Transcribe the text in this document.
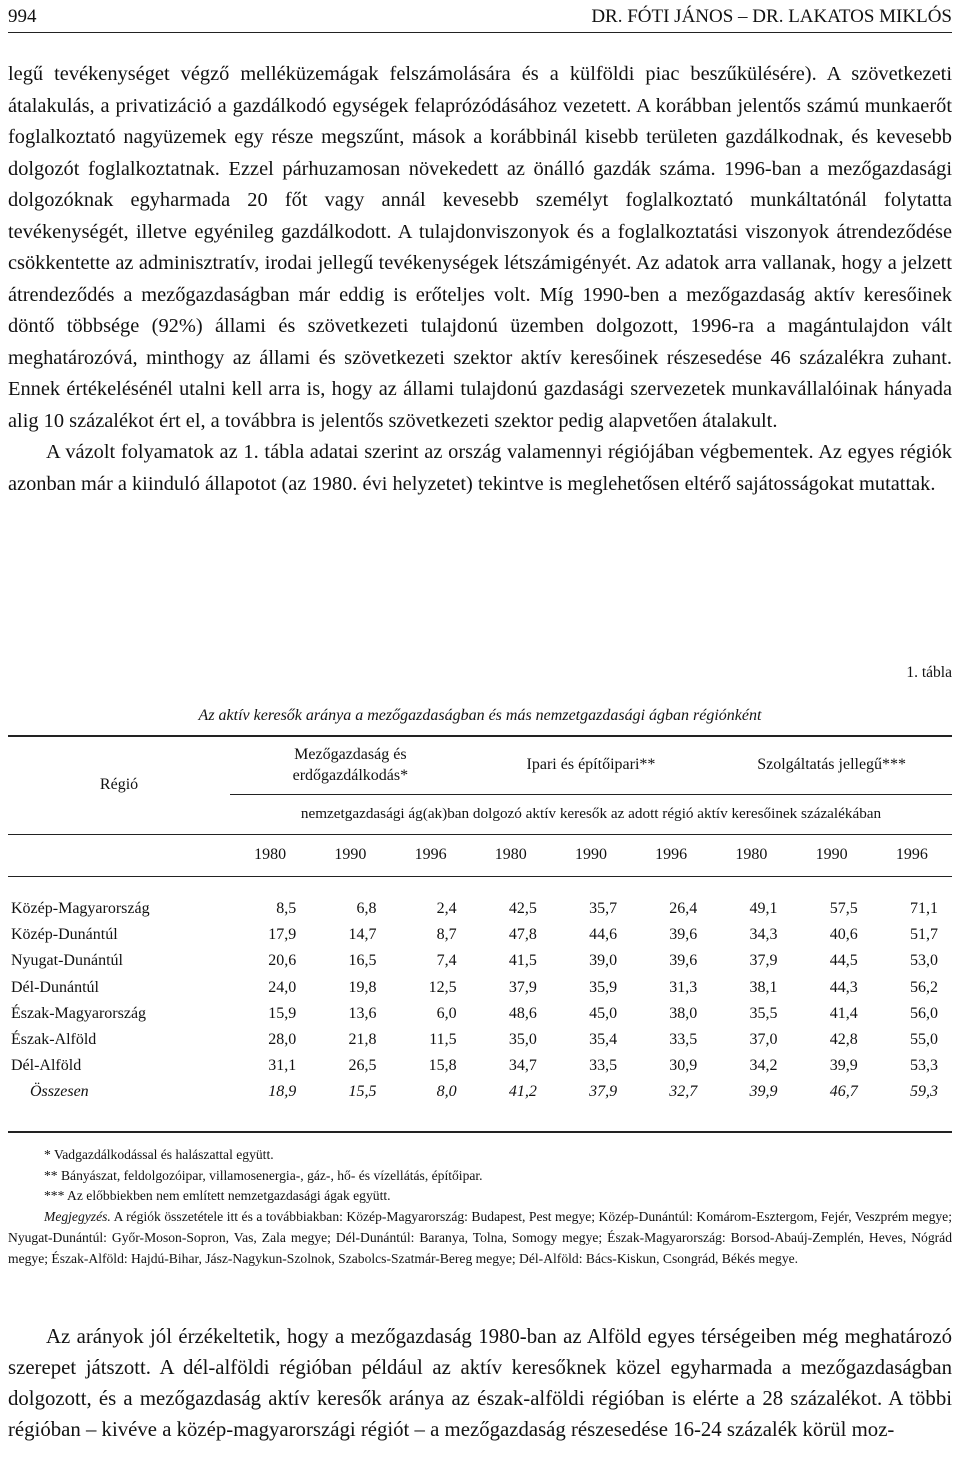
994	DR. FÓTI JÁNOS – DR. LAKATOS MIKLÓS

legű tevékenységet végző melléküzemágak felszámolására és a külföldi piac beszűkülésére). A szövetkezeti átalakulás, a privatizáció a gazdálkodó egységek felaprózódásához vezetett. A korábban jelentős számú munkaerőt foglalkoztató nagyüzemek egy része megszűnt, mások a korábbinál kisebb területen gazdálkodnak, és kevesebb dolgozót foglalkoztatnak. Ezzel párhuzamosan növekedett az önálló gazdák száma. 1996-ban a mezőgazdasági dolgozóknak egyharmada 20 főt vagy annál kevesebb személyt foglalkoztató munkáltatónál folytatta tevékenységét, illetve egyénileg gazdálkodott. A tulajdonviszonyok és a foglalkoztatási viszonyok átrendeződése csökkentette az adminisztratív, irodai jellegű tevékenységek létszámigényét. Az adatok arra vallanak, hogy a jelzett átrendeződés a mezőgazdaságban már eddig is erőteljes volt. Míg 1990-ben a mezőgazdaság aktív keresőinek döntő többsége (92%) állami és szövetkezeti tulajdonú üzemben dolgozott, 1996-ra a magántulajdon vált meghatározóvá, minthogy az állami és szövetkezeti szektor aktív keresőinek részesedése 46 százalékra zuhant. Ennek értékelésénél utalni kell arra is, hogy az állami tulajdonú gazdasági szervezetek munkavállalóinak hányada alig 10 százalékot ért el, a továbbra is jelentős szövetkezeti szektor pedig alapvetően átalakult.

A vázolt folyamatok az 1. tábla adatai szerint az ország valamennyi régiójában végbementek. Az egyes régiók azonban már a kiinduló állapotot (az 1980. évi helyzetet) tekintve is meglehetősen eltérő sajátosságokat mutattak.

1. tábla
Az aktív keresők aránya a mezőgazdaságban és más nemzetgazdasági ágban régiónként
Régió	Mezőgazdaság és erdőgazdálkodás*			Ipari és építőipari**			Szolgáltatás jellegű***		
	nemzetgazdasági ág(ak)ban dolgozó aktív keresők az adott régió aktív keresőinek százalékában								
	1980	1990	1996	1980	1990	1996	1980	1990	1996

Közép-Magyarország	8,5	6,8	2,4	42,5	35,7	26,4	49,1	57,5	71,1
Közép-Dunántúl	17,9	14,7	8,7	47,8	44,6	39,6	34,3	40,6	51,7
Nyugat-Dunántúl	20,6	16,5	7,4	41,5	39,0	39,6	37,9	44,5	53,0
Dél-Dunántúl	24,0	19,8	12,5	37,9	35,9	31,3	38,1	44,3	56,2
Észak-Magyarország	15,9	13,6	6,0	48,6	45,0	38,0	35,5	41,4	56,0
Észak-Alföld	28,0	21,8	11,5	35,0	35,4	33,5	37,0	42,8	55,0
Dél-Alföld	31,1	26,5	15,8	34,7	33,5	30,9	34,2	39,9	53,3
Összesen	18,9	15,5	8,0	41,2	37,9	32,7	39,9	46,7	59,3
* Vadgazdálkodással és halászattal együtt.
** Bányászat, feldolgozóipar, villamosenergia-, gáz-, hő- és vízellátás, építőipar.
*** Az előbbiekben nem említett nemzetgazdasági ágak együtt.
Megjegyzés. A régiók összetétele itt és a továbbiakban: Közép-Magyarország: Budapest, Pest megye; Közép-Dunántúl: Komárom-Esztergom, Fejér, Veszprém megye; Nyugat-Dunántúl: Győr-Moson-Sopron, Vas, Zala megye; Dél-Dunántúl: Baranya, Tolna, Somogy megye; Észak-Magyarország: Borsod-Abaúj-Zemplén, Heves, Nógrád megye; Észak-Alföld: Hajdú-Bihar, Jász-Nagykun-Szolnok, Szabolcs-Szatmár-Bereg megye; Dél-Alföld: Bács-Kiskun, Csongrád, Békés megye.

Az arányok jól érzékeltetik, hogy a mezőgazdaság 1980-ban az Alföld egyes térségeiben még meghatározó szerepet játszott. A dél-alföldi régióban például az aktív keresőknek közel egyharmada a mezőgazdaságban dolgozott, és a mezőgazdaság aktív keresők aránya az észak-alföldi régióban is elérte a 28 százalékot. A többi régióban – kivéve a közép-magyarországi régiót – a mezőgazdaság részesedése 16-24 százalék körül moz-
